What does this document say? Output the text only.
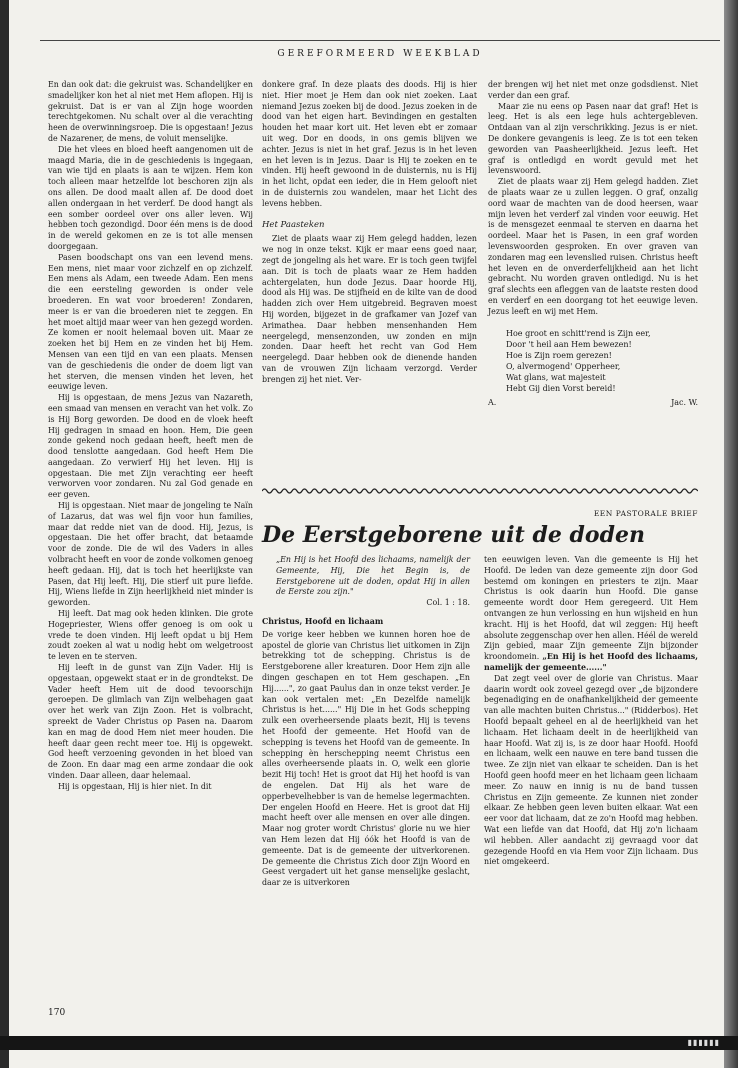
GEREFORMEERD WEEKBLAD

En dan ook dat: die gekruist was. Schandelijker en smadelijker kon het al niet met Hem aflopen. Hij is gekruist. Dat is er van al Zijn hoge woorden terechtgekomen. Nu schalt over al die verachting heen de overwinningsroep. Die is opgestaan! Jezus de Nazarener, de mens, de voluit menselijke.

Die het vlees en bloed heeft aangenomen uit de maagd Maria, die in de geschiedenis is ingegaan, van wie tijd en plaats is aan te wijzen. Hem kon toch alleen maar hetzelfde lot beschoren zijn als ons allen. De dood maalt allen af. De dood doet allen ondergaan in het verderf. De dood hangt als een somber oordeel over ons aller leven. Wij hebben toch gezondigd. Door één mens is de dood in de wereld gekomen en ze is tot alle mensen doorgegaan.

Pasen boodschapt ons van een levend mens. Een mens, niet maar voor zichzelf en op zichzelf. Een mens als Adam, een tweede Adam. Een mens die een eersteling geworden is onder vele broederen. En wat voor broederen! Zondaren, meer is er van die broederen niet te zeggen. En het moet altijd maar weer van hen gezegd worden. Ze komen er nooit helemaal boven uit. Maar ze zoeken het bij Hem en ze vinden het bij Hem. Mensen van een tijd en van een plaats. Mensen van de geschiedenis die onder de doem ligt van het sterven, die mensen vinden het leven, het eeuwige leven.

Hij is opgestaan, de mens Jezus van Nazareth, een smaad van mensen en veracht van het volk. Zo is Hij Borg geworden. De dood en de vloek heeft Hij gedragen in smaad en hoon. Hem, Die geen zonde gekend noch gedaan heeft, heeft men de dood tenslotte aangedaan. God heeft Hem Die aangedaan. Zo verwierf Hij het leven. Hij is opgestaan. Die met Zijn verachting eer heeft verworven voor zondaren. Nu zal God genade en eer geven.

Hij is opgestaan. Niet maar de jongeling te Naïn of Lazarus, dat was wel fijn voor hun families, maar dat redde niet van de dood. Hij, Jezus, is opgestaan. Die het offer bracht, dat betaamde voor de zonde. Die de wil des Vaders in alles volbracht heeft en voor de zonde volkomen genoeg heeft gedaan. Hij, dat is toch het heerlijkste van Pasen, dat Hij leeft. Hij, Die stierf uit pure liefde. Hij, Wiens liefde in Zijn heerlijkheid niet minder is geworden.

Hij leeft. Dat mag ook heden klinken. Die grote Hogepriester, Wiens offer genoeg is om ook u vrede te doen vinden. Hij leeft opdat u bij Hem zoudt zoeken al wat u nodig hebt om welgetroost te leven en te sterven.

Hij leeft in de gunst van Zijn Vader. Hij is opgestaan, opgewekt staat er in de grondtekst. De Vader heeft Hem uit de dood tevoorschijn geroepen. De glimlach van Zijn welbehagen gaat over het werk van Zijn Zoon. Het is volbracht, spreekt de Vader Christus op Pasen na. Daarom kan en mag de dood Hem niet meer houden. Die heeft daar geen recht meer toe. Hij is opgewekt. God heeft verzoening gevonden in het bloed van de Zoon. En daar mag een arme zondaar die ook vinden. Daar alleen, daar helemaal.

Hij is opgestaan, Hij is hier niet. In dit

donkere graf. In deze plaats des doods. Hij is hier niet. Hier moet je Hem dan ook niet zoeken. Laat niemand Jezus zoeken bij de dood. Jezus zoeken in de dood van het eigen hart. Bevindingen en gestalten houden het maar kort uit. Het leven ebt er zomaar uit weg. Dor en doods, in ons gemis blijven we achter. Jezus is niet in het graf. Jezus is in het leven en het leven is in Jezus. Daar is Hij te zoeken en te vinden. Hij heeft gewoond in de duisternis, nu is Hij in het licht, opdat een ieder, die in Hem gelooft niet in de duisternis zou wandelen, maar het Licht des levens hebben.

Het Paasteken

Ziet de plaats waar zij Hem gelegd hadden, lezen we nog in onze tekst. Kijk er maar eens goed naar, zegt de jongeling als het ware. Er is toch geen twijfel aan. Dit is toch de plaats waar ze Hem hadden achtergelaten, hun dode Jezus. Daar hoorde Hij, dood als Hij was. De stijfheid en de kilte van de dood hadden zich over Hem uitgebreid. Begraven moest Hij worden, bijgezet in de grafkamer van Jozef van Arimathea. Daar hebben mensenhanden Hem neergelegd, mensenzonden, uw zonden en mijn zonden. Daar heeft het recht van God Hem neergelegd. Daar hebben ook de dienende handen van de vrouwen Zijn lichaam verzorgd. Verder brengen zij het niet. Ver-

der brengen wij het niet met onze godsdienst. Niet verder dan een graf.

Maar zie nu eens op Pasen naar dat graf! Het is leeg. Het is als een lege huls achtergebleven. Ontdaan van al zijn verschrikking. Jezus is er niet. De donkere gevangenis is leeg. Ze is tot een teken geworden van Paasheerlijkheid. Jezus leeft. Het graf is ontledigd en wordt gevuld met het levenswoord.

Ziet de plaats waar zij Hem gelegd hadden. Ziet de plaats waar ze u zullen leggen. O graf, onzalig oord waar de machten van de dood heersen, waar mijn leven het verderf zal vinden voor eeuwig. Het is de mensgezet eenmaal te sterven en daarna het oordeel. Maar het is Pasen, in een graf worden levenswoorden gesproken. En over graven van zondaren mag een levenslied ruisen. Christus heeft het leven en de onverderfelijkheid aan het licht gebracht. Nu worden graven ontledigd. Nu is het graf slechts een afleggen van de laatste resten dood en verderf en een doorgang tot het eeuwige leven. Jezus leeft en wij met Hem.

Hoe groot en schitt'rend is Zijn eer,
Door 't heil aan Hem bewezen!
Hoe is Zijn roem gerezen!
O, alvermogend' Opperheer,
Wat glans, wat majesteit
Hebt Gij dien Vorst bereid!
A.	Jac. W.
EEN PASTORALE BRIEF
De Eerstgeborene uit de doden
„En Hij is het Hoofd des lichaams, namelijk der Gemeente, Hij, Die het Begin is, de Eerstgeborene uit de doden, opdat Hij in allen de Eerste zou zijn."
Col. 1 : 18.
Christus, Hoofd en lichaam

De vorige keer hebben we kunnen horen hoe de apostel de glorie van Christus liet uitkomen in Zijn betrekking tot de schepping. Christus is de Eerstgeborene aller kreaturen. Door Hem zijn alle dingen geschapen en tot Hem geschapen. „En Hij......", zo gaat Paulus dan in onze tekst verder. Je kan ook vertalen met: „En Dezelfde namelijk Christus is het......" Hij Die in het Gods schepping zulk een overheersende plaats bezit, Hij is tevens het Hoofd der gemeente. Het Hoofd van de schepping is tevens het Hoofd van de gemeente. In schepping èn herschepping neemt Christus een alles overheersende plaats in. O, welk een glorie bezit Hij toch! Het is groot dat Hij het hoofd is van de engelen. Dat Hij als het ware de opperbevelhebber is van de hemelse legermachten. Der engelen Hoofd en Heere. Het is groot dat Hij macht heeft over alle mensen en over alle dingen. Maar nog groter wordt Christus' glorie nu we hier van Hem lezen dat Hij óók het Hoofd is van de gemeente. Dat is de gemeente der uitverkorenen. De gemeente die Christus Zich door Zijn Woord en Geest vergadert uit het ganse menselijke geslacht, daar ze is uitverkoren

ten eeuwigen leven. Van die gemeente is Hij het Hoofd. De leden van deze gemeente zijn door God bestemd om koningen en priesters te zijn. Maar Christus is ook daarin hun Hoofd. Die ganse gemeente wordt door Hem geregeerd. Uit Hem ontvangen ze hun verlossing en hun wijsheid en hun kracht. Hij is het Hoofd, dat wil zeggen: Hij heeft absolute zeggenschap over hen allen. Héél de wereld Zijn gebied, maar Zijn gemeente Zijn bijzonder kroondomein. „En Hij is het Hoofd des lichaams, namelijk der gemeente......"

Dat zegt veel over de glorie van Christus. Maar daarin wordt ook zoveel gezegd over „de bijzondere begenadiging en de onafhankelijkheid der gemeente van alle machten buiten Christus..." (Ridderbos). Het Hoofd bepaalt geheel en al de heerlijkheid van het lichaam. Het lichaam deelt in de heerlijkheid van haar Hoofd. Wat zij is, is ze door haar Hoofd. Hoofd en lichaam, welk een nauwe en tere band tussen die twee. Ze zijn niet van elkaar te scheiden. Dan is het Hoofd geen hoofd meer en het lichaam geen lichaam meer. Zo nauw en innig is nu de band tussen Christus en Zijn gemeente. Ze kunnen niet zonder elkaar. Ze hebben geen leven buiten elkaar. Wat een eer voor dat lichaam, dat ze zo'n Hoofd mag hebben. Wat een liefde van dat Hoofd, dat Hij zo'n lichaam wil hebben. Aller aandacht zij gevraagd voor dat gezegende Hoofd en via Hem voor Zijn lichaam. Dus niet omgekeerd.

170
▮▮▮▮▮▮
